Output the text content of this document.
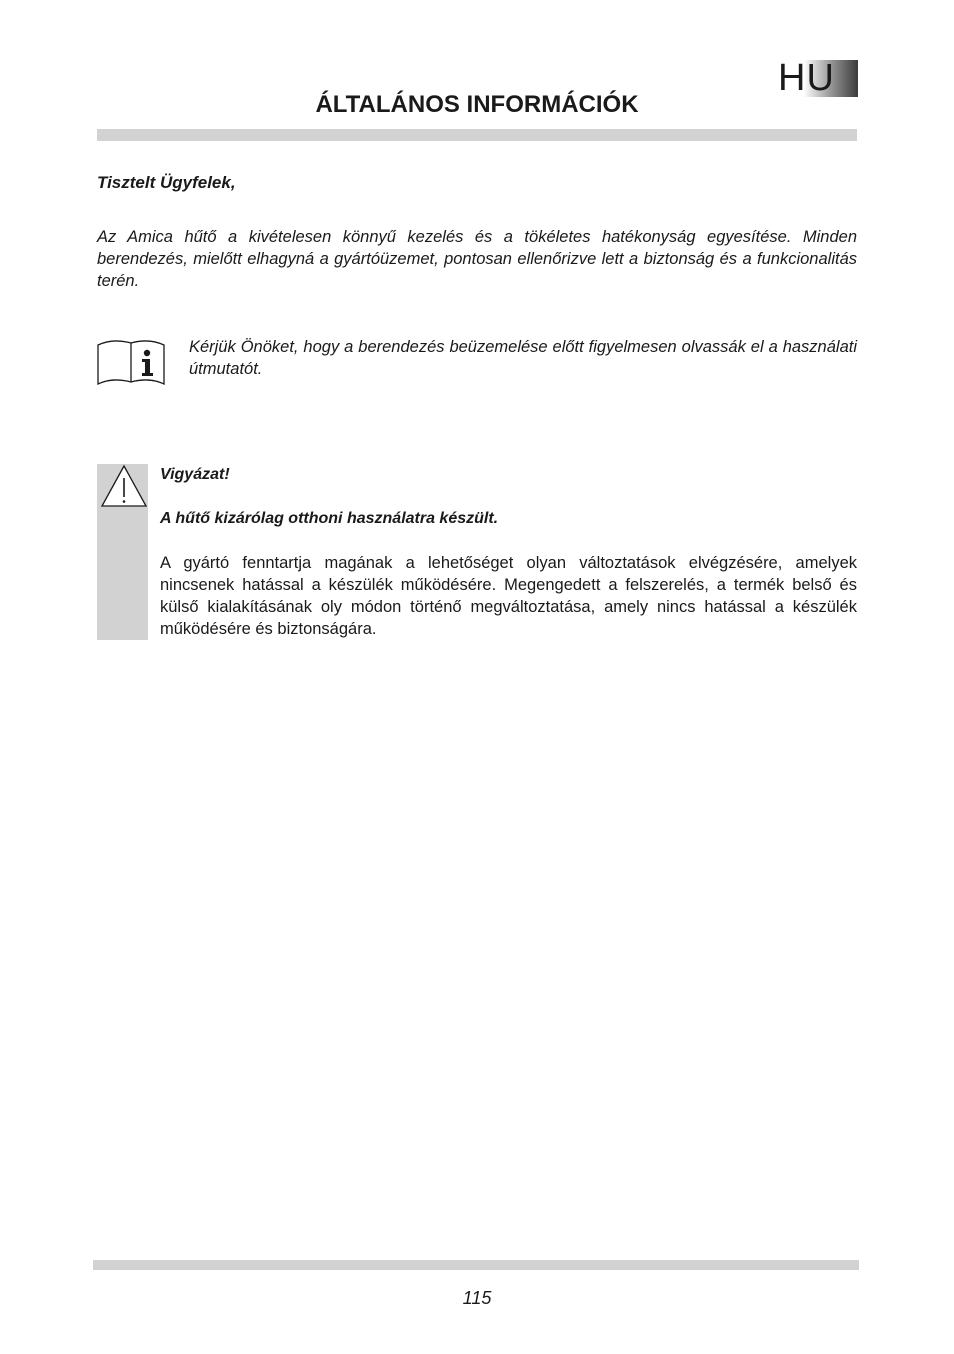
HU
ÁLTALÁNOS INFORMÁCIÓK

Tisztelt Ügyfelek,

Az Amica hűtő a kivételesen könnyű kezelés és a tökéletes hatékonyság egyesítése. Minden berendezés, mielőtt elhagyná a gyártóüzemet, pontosan ellenőrizve lett a biztonság és a funkcionalitás terén.

Kérjük Önöket, hogy a berendezés beüzemelése előtt figyelmesen olvassák el a használati útmutatót.

Vigyázat!

A hűtő kizárólag otthoni használatra készült.

A gyártó fenntartja magának a lehetőséget olyan változtatások elvégzésére, amelyek nincsenek hatással a készülék működésére. Megengedett a felszerelés, a termék belső és külső kialakításának oly módon történő megváltoztatása, amely nincs hatással a készülék működésére és biztonságára.

115
